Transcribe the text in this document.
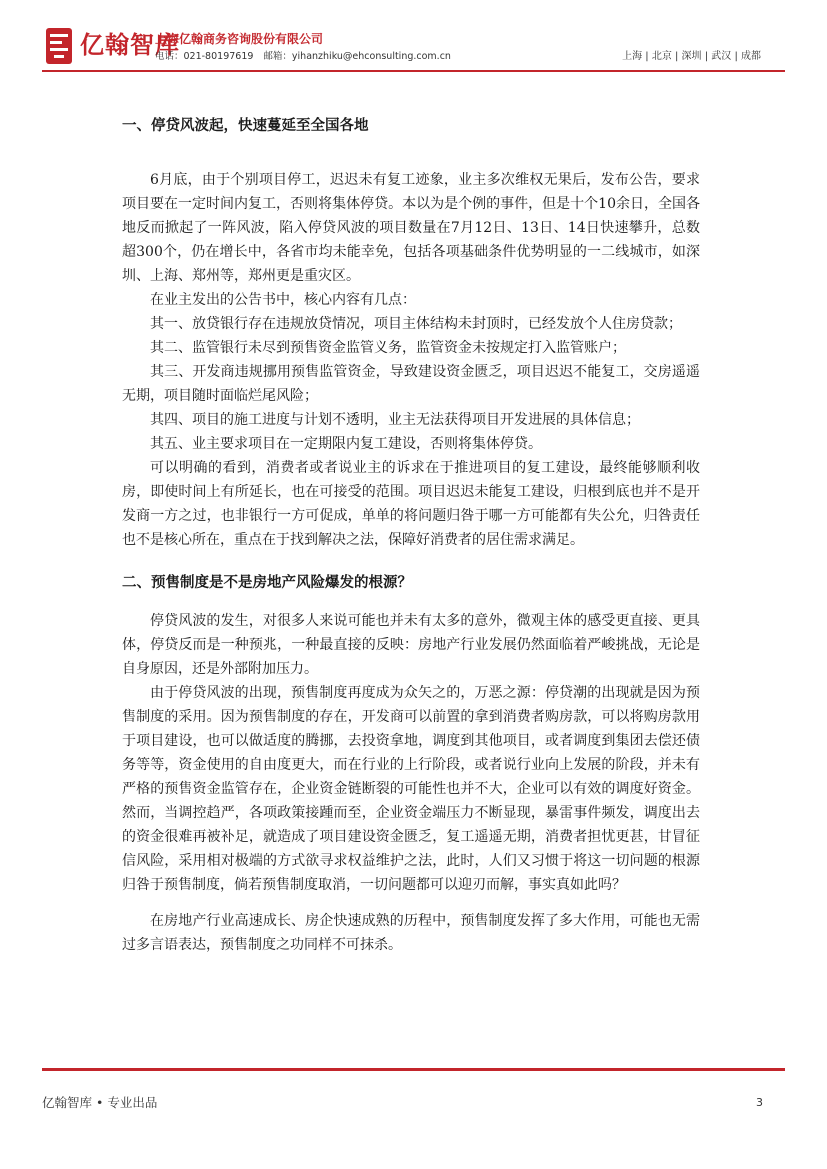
亿翰智库
上海亿翰商务咨询股份有限公司
电话：021-80197619 邮箱：yihanzhiku@ehconsulting.com.cn	上海 | 北京 | 深圳 | 武汉 | 成都
一、停贷风波起，快速蔓延至全国各地

6月底，由于个别项目停工，迟迟未有复工迹象，业主多次维权无果后，发布公告，要求项目要在一定时间内复工，否则将集体停贷。本以为是个例的事件，但是十个10余日，全国各地反而掀起了一阵风波，陷入停贷风波的项目数量在7月12日、13日、14日快速攀升，总数超300个，仍在增长中，各省市均未能幸免，包括各项基础条件优势明显的一二线城市，如深圳、上海、郑州等，郑州更是重灾区。

在业主发出的公告书中，核心内容有几点：

其一、放贷银行存在违规放贷情况，项目主体结构未封顶时，已经发放个人住房贷款；

其二、监管银行未尽到预售资金监管义务，监管资金未按规定打入监管账户；

其三、开发商违规挪用预售监管资金，导致建设资金匮乏，项目迟迟不能复工，交房遥遥无期，项目随时面临烂尾风险；

其四、项目的施工进度与计划不透明，业主无法获得项目开发进展的具体信息；

其五、业主要求项目在一定期限内复工建设，否则将集体停贷。

可以明确的看到，消费者或者说业主的诉求在于推进项目的复工建设，最终能够顺利收房，即使时间上有所延长，也在可接受的范围。项目迟迟未能复工建设，归根到底也并不是开发商一方之过，也非银行一方可促成，单单的将问题归咎于哪一方可能都有失公允，归咎责任也不是核心所在，重点在于找到解决之法，保障好消费者的居住需求满足。

二、预售制度是不是房地产风险爆发的根源？

停贷风波的发生，对很多人来说可能也并未有太多的意外，微观主体的感受更直接、更具体，停贷反而是一种预兆，一种最直接的反映：房地产行业发展仍然面临着严峻挑战，无论是自身原因，还是外部附加压力。

由于停贷风波的出现，预售制度再度成为众矢之的，万恶之源：停贷潮的出现就是因为预售制度的采用。因为预售制度的存在，开发商可以前置的拿到消费者购房款，可以将购房款用于项目建设，也可以做适度的腾挪，去投资拿地，调度到其他项目，或者调度到集团去偿还债务等等，资金使用的自由度更大，而在行业的上行阶段，或者说行业向上发展的阶段，并未有严格的预售资金监管存在，企业资金链断裂的可能性也并不大，企业可以有效的调度好资金。然而，当调控趋严，各项政策接踵而至，企业资金端压力不断显现，暴雷事件频发，调度出去的资金很难再被补足，就造成了项目建设资金匮乏，复工遥遥无期，消费者担忧更甚，甘冒征信风险，采用相对极端的方式欲寻求权益维护之法，此时，人们又习惯于将这一切问题的根源归咎于预售制度，倘若预售制度取消，一切问题都可以迎刃而解，事实真如此吗？

在房地产行业高速成长、房企快速成熟的历程中，预售制度发挥了多大作用，可能也无需过多言语表达，预售制度之功同样不可抹杀。

亿翰智库 • 专业出品	3
